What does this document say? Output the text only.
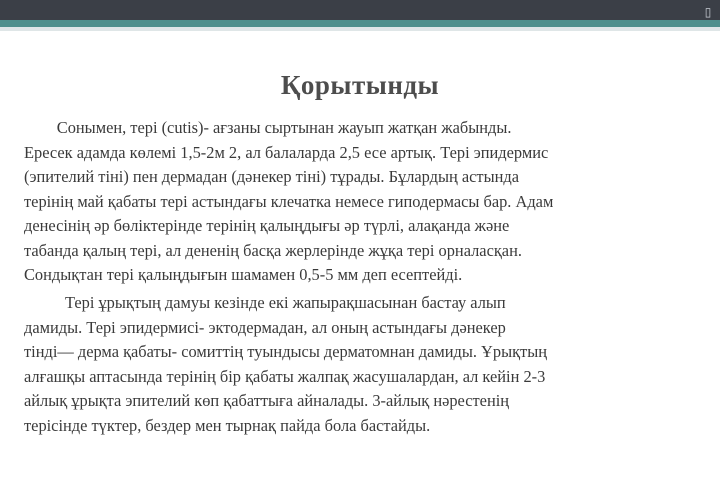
▯
Қорытынды
Сонымен, тері (cutis)- ағзаны сыртынан жауып жатқан жабынды.
Ересек адамда көлемі 1,5-2м 2, ал балаларда 2,5 есе артық. Тері эпидермис
(эпителий тіні) пен дермадан (дәнекер тіні) тұрады. Бұлардың астында
терінің май қабаты тері астындағы клечатка немесе гиподермасы бар. Адам
денесінің әр бөліктерінде терінің қалыңдығы әр түрлі, алақанда және
табанда қалың тері, ал дененің басқа жерлерінде жұқа тері орналасқан.
Сондықтан тері қалыңдығын шамамен 0,5-5 мм деп есептейді.
Тері ұрықтың дамуы кезінде екі жапырақшасынан бастау алып
дамиды. Тері эпидермисі- эктодермадан, ал оның астындағы дәнекер
тінді— дерма қабаты- сомиттің туындысы дерматомнан дамиды. Ұрықтың
алғашқы аптасында терінің бір қабаты жалпақ жасушалардан, ал кейін 2-3
айлық ұрықта эпителий көп қабаттыға айналады. 3-айлық нәрестенің
терісінде түктер, бездер мен тырнақ пайда бола бастайды.
